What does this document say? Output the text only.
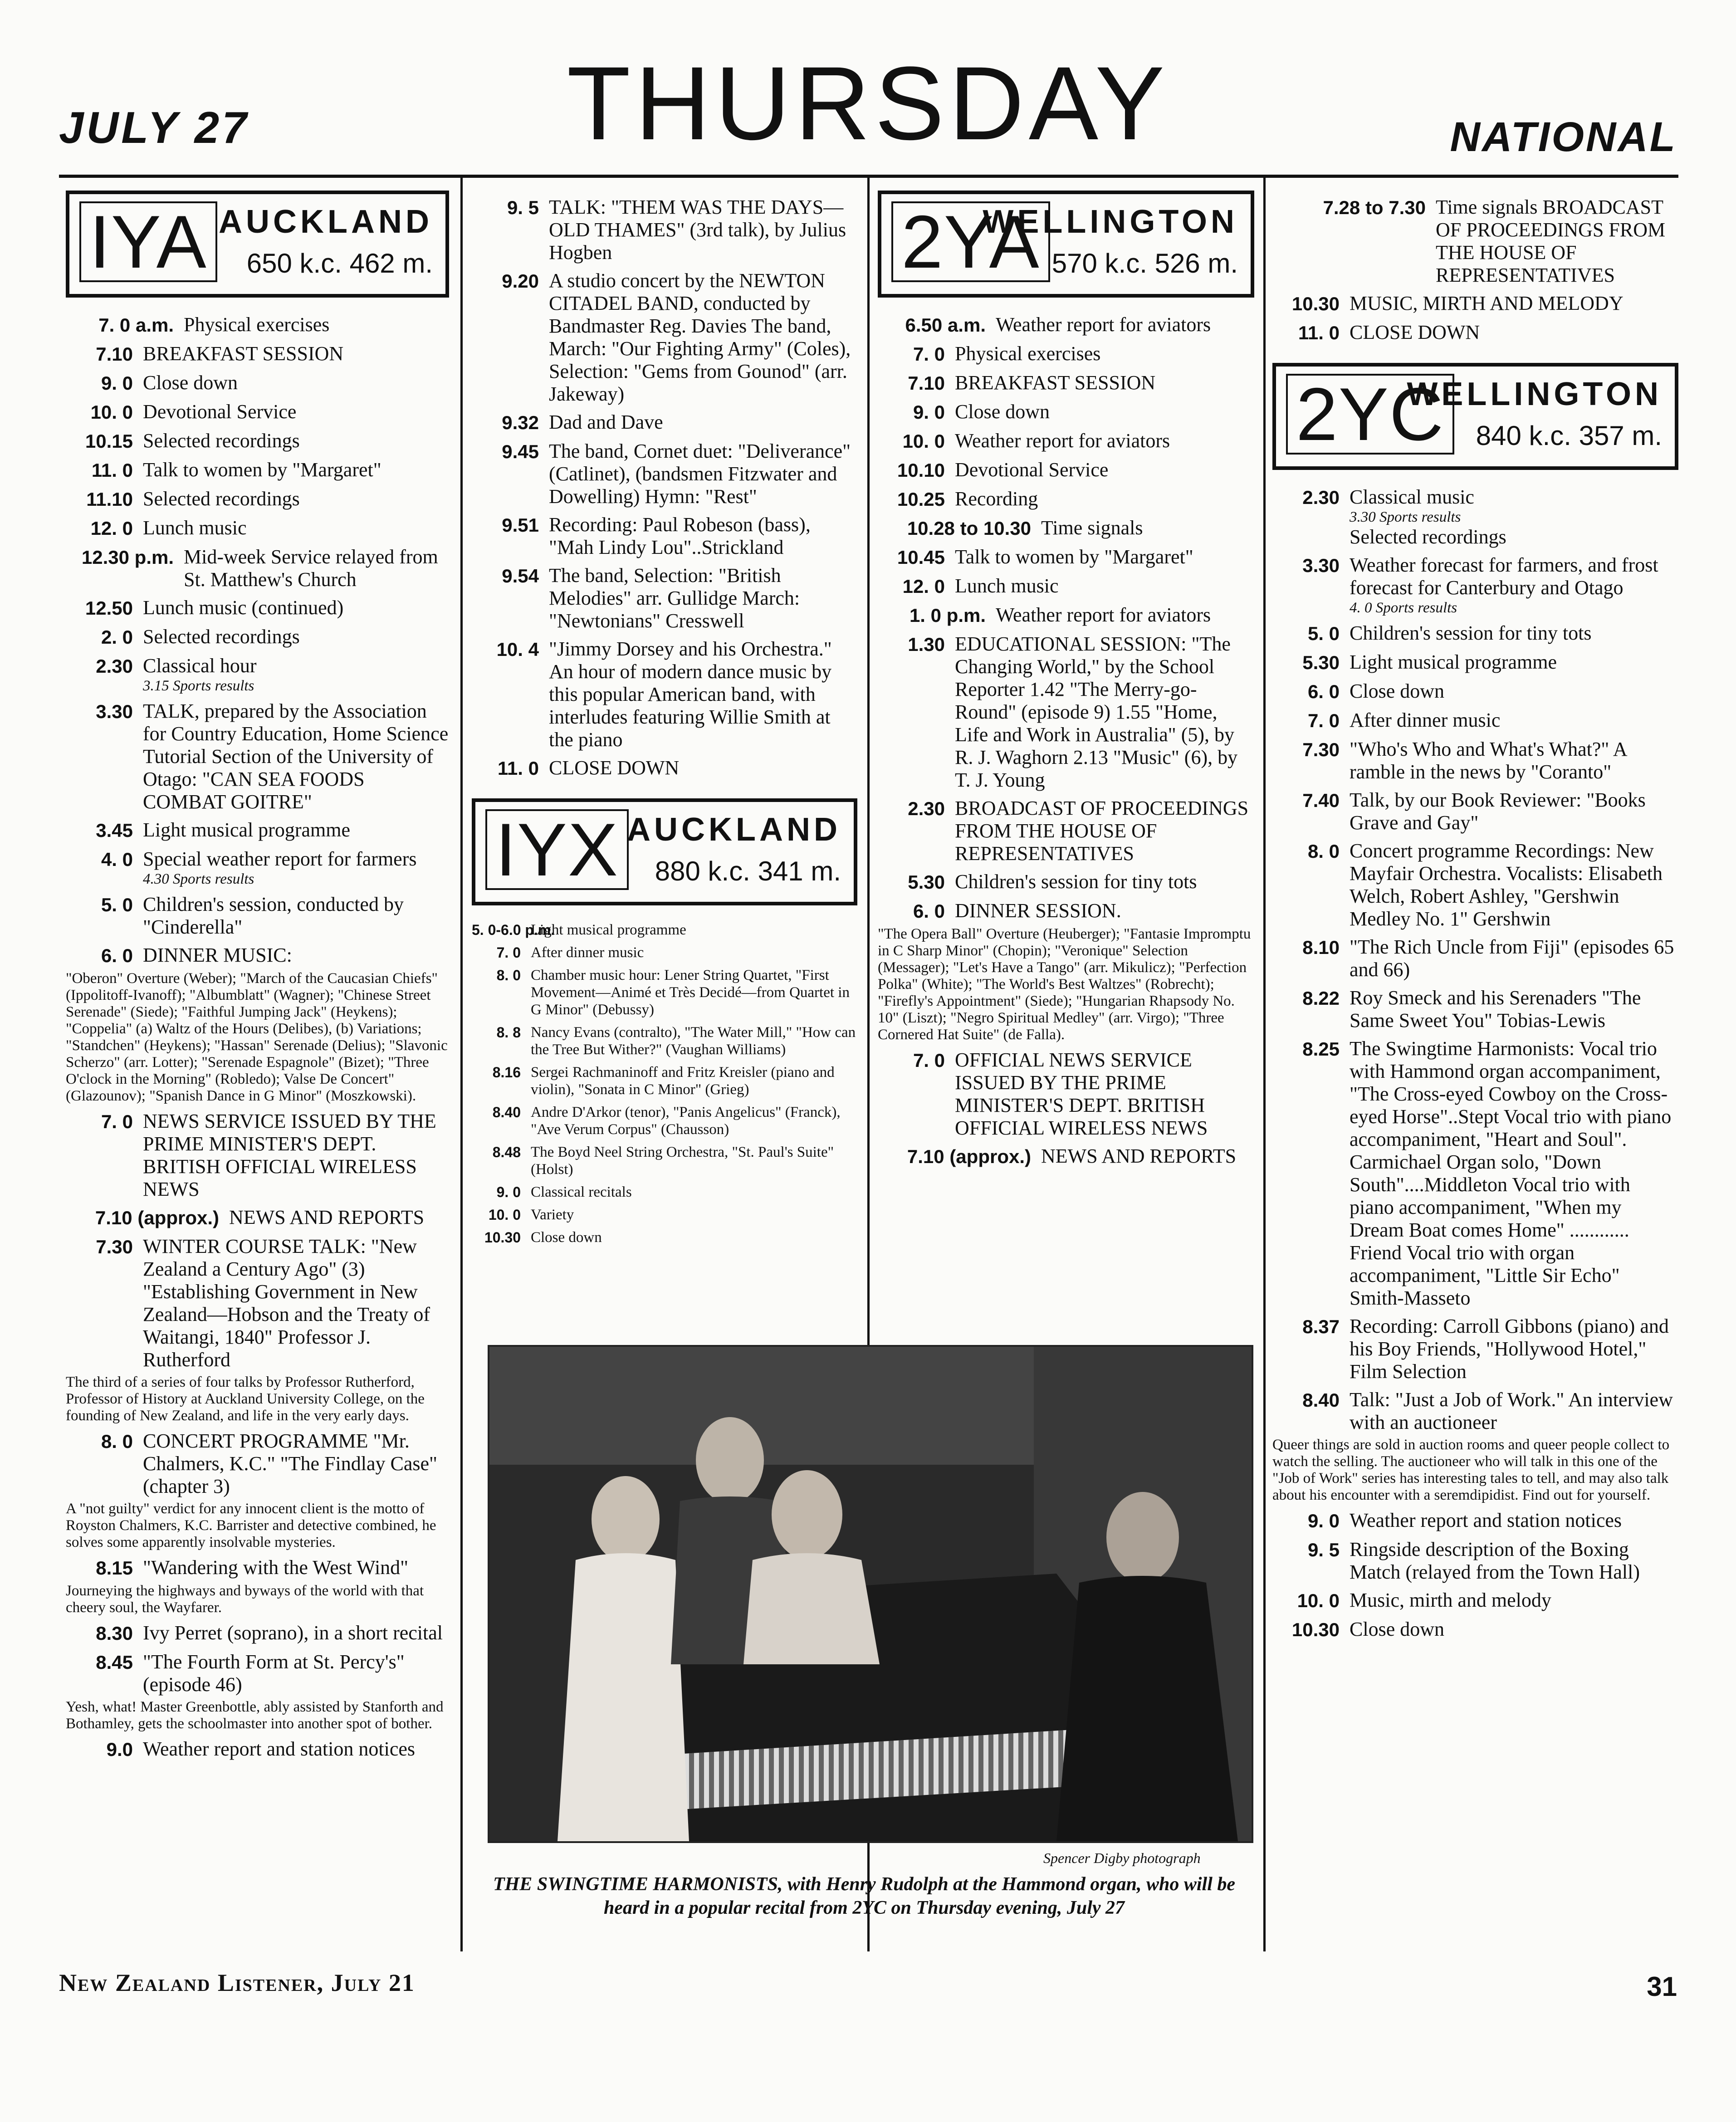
JULY 27	THURSDAY	NATIONAL
IYA AUCKLAND
650 k.c. 462 m.
7. 0 a.m. Physical exercises
7.10 BREAKFAST SESSION
9. 0 Close down
10. 0 Devotional Service
10.15 Selected recordings
11. 0 Talk to women by "Margaret"
11.10 Selected recordings
12. 0 Lunch music
12.30 p.m. Mid-week Service relayed from St. Matthew's Church
12.50 Lunch music (continued)
2. 0 Selected recordings
2.30 Classical hour
3.15 Sports results
3.30 TALK, prepared by the Association for Country Education, Home Science Tutorial Section of the University of Otago: "CAN SEA FOODS COMBAT GOITRE"
3.45 Light musical programme
4. 0 Special weather report for farmers
4.30 Sports results
5. 0 Children's session, conducted by "Cinderella"
6. 0 DINNER MUSIC:
"Oberon" Overture (Weber); "March of the Caucasian Chiefs" (Ippolitoff-Ivanoff); "Albumblatt" (Wagner); "Chinese Street Serenade" (Siede); "Faithful Jumping Jack" (Heykens); "Coppelia" (a) Waltz of the Hours (Delibes), (b) Variations; "Standchen" (Heykens); "Hassan" Serenade (Delius); "Slavonic Scherzo" (arr. Lotter); "Serenade Espagnole" (Bizet); "Three O'clock in the Morning" (Robledo); Valse De Concert" (Glazounov); "Spanish Dance in G Minor" (Moszkowski).
7. 0 NEWS SERVICE ISSUED BY THE PRIME MINISTER'S DEPT. BRITISH OFFICIAL WIRELESS NEWS
7.10 (approx.) NEWS AND REPORTS
7.30 WINTER COURSE TALK: "New Zealand a Century Ago" (3) "Establishing Government in New Zealand—Hobson and the Treaty of Waitangi, 1840" Professor J. Rutherford
The third of a series of four talks by Professor Rutherford, Professor of History at Auckland University College, on the founding of New Zealand, and life in the very early days.
8. 0 CONCERT PROGRAMME "Mr. Chalmers, K.C." "The Findlay Case" (chapter 3)
A "not guilty" verdict for any innocent client is the motto of Royston Chalmers, K.C. Barrister and detective combined, he solves some apparently insolvable mysteries.
8.15 "Wandering with the West Wind"
Journeying the highways and byways of the world with that cheery soul, the Wayfarer.
8.30 Ivy Perret (soprano), in a short recital
8.45 "The Fourth Form at St. Percy's" (episode 46)
Yesh, what! Master Greenbottle, ably assisted by Stanforth and Bothamley, gets the schoolmaster into another spot of bother.
9.0 Weather report and station notices
9. 5 TALK: "THEM WAS THE DAYS—OLD THAMES" (3rd talk), by Julius Hogben
9.20 A studio concert by the NEWTON CITADEL BAND, conducted by Bandmaster Reg. Davies The band, March: "Our Fighting Army" (Coles), Selection: "Gems from Gounod" (arr. Jakeway)
9.32 Dad and Dave
9.45 The band, Cornet duet: "Deliverance" (Catlinet), (bandsmen Fitzwater and Dowelling) Hymn: "Rest"
9.51 Recording: Paul Robeson (bass), "Mah Lindy Lou"..Strickland
9.54 The band, Selection: "British Melodies" arr. Gullidge March: "Newtonians" Cresswell
10. 4 "Jimmy Dorsey and his Orchestra." An hour of modern dance music by this popular American band, with interludes featuring Willie Smith at the piano
11. 0 CLOSE DOWN
IYX AUCKLAND
880 k.c. 341 m.
5. 0-6.0 p.m.
Light musical programme
7. 0 After dinner music
8. 0 Chamber music hour: Lener String Quartet, "First Movement—Animé et Très Decidé—from Quartet in G Minor" (Debussy)
8. 8 Nancy Evans (contralto), "The Water Mill," "How can the Tree But Wither?" (Vaughan Williams)
8.16 Sergei Rachmaninoff and Fritz Kreisler (piano and violin), "Sonata in C Minor" (Grieg)
8.40 Andre D'Arkor (tenor), "Panis Angelicus" (Franck), "Ave Verum Corpus" (Chausson)
8.48 The Boyd Neel String Orchestra, "St. Paul's Suite" (Holst)
9. 0 Classical recitals
10. 0 Variety
10.30 Close down
2YA
WELLINGTON
570 k.c. 526 m.
6.50 a.m. Weather report for aviators
7. 0 Physical exercises
7.10 BREAKFAST SESSION
9. 0 Close down
10. 0 Weather report for aviators
10.10 Devotional Service
10.25 Recording
10.28 to 10.30 Time signals
10.45 Talk to women by "Margaret"
12. 0 Lunch music
1. 0 p.m. Weather report for aviators
1.30 EDUCATIONAL SESSION: "The Changing World," by the School Reporter 1.42 "The Merry-go-Round" (episode 9) 1.55 "Home, Life and Work in Australia" (5), by R. J. Waghorn 2.13 "Music" (6), by T. J. Young
2.30 BROADCAST OF PROCEEDINGS FROM THE HOUSE OF REPRESENTATIVES
5.30 Children's session for tiny tots
6. 0 DINNER SESSION.
"The Opera Ball" Overture (Heuberger); "Fantasie Impromptu in C Sharp Minor" (Chopin); "Veronique" Selection (Messager); "Let's Have a Tango" (arr. Mikulicz); "Perfection Polka" (White); "The World's Best Waltzes" (Robrecht); "Firefly's Appointment" (Siede); "Hungarian Rhapsody No. 10" (Liszt); "Negro Spiritual Medley" (arr. Virgo); "Three Cornered Hat Suite" (de Falla).
7. 0 OFFICIAL NEWS SERVICE ISSUED BY THE PRIME MINISTER'S DEPT. BRITISH OFFICIAL WIRELESS NEWS
7.10 (approx.) NEWS AND REPORTS
7.28 to 7.30 Time signals BROADCAST OF PROCEEDINGS FROM THE HOUSE OF REPRESENTATIVES
10.30 MUSIC, MIRTH AND MELODY
11. 0 CLOSE DOWN
2YC
WELLINGTON
840 k.c. 357 m.
2.30 Classical music
3.30 Sports results
Selected recordings
3.30 Weather forecast for farmers, and frost forecast for Canterbury and Otago
4. 0 Sports results
5. 0 Children's session for tiny tots
5.30 Light musical programme
6. 0 Close down
7. 0 After dinner music
7.30 "Who's Who and What's What?" A ramble in the news by "Coranto"
7.40 Talk, by our Book Reviewer: "Books Grave and Gay"
8. 0 Concert programme Recordings: New Mayfair Orchestra. Vocalists: Elisabeth Welch, Robert Ashley, "Gershwin Medley No. 1" Gershwin
8.10 "The Rich Uncle from Fiji" (episodes 65 and 66)
8.22 Roy Smeck and his Serenaders "The Same Sweet You" Tobias-Lewis
8.25 The Swingtime Harmonists: Vocal trio with Hammond organ accompaniment, "The Cross-eyed Cowboy on the Cross-eyed Horse"..Stept Vocal trio with piano accompaniment, "Heart and Soul". Carmichael Organ solo, "Down South"....Middleton Vocal trio with piano accompaniment, "When my Dream Boat comes Home" ............ Friend Vocal trio with organ accompaniment, "Little Sir Echo" Smith-Masseto
8.37 Recording: Carroll Gibbons (piano) and his Boy Friends, "Hollywood Hotel," Film Selection
8.40 Talk: "Just a Job of Work." An interview with an auctioneer
Queer things are sold in auction rooms and queer people collect to watch the selling. The auctioneer who will talk in this one of the "Job of Work" series has interesting tales to tell, and may also talk about his encounter with a seremdipidist. Find out for yourself.
9. 0 Weather report and station notices
9. 5 Ringside description of the Boxing Match (relayed from the Town Hall)
10. 0 Music, mirth and melody
10.30 Close down
Spencer Digby photograph
THE SWINGTIME HARMONISTS, with Henry Rudolph at the Hammond organ, who will be heard in a popular recital from 2YC on Thursday evening, July 27
New Zealand Listener, July 21	31
